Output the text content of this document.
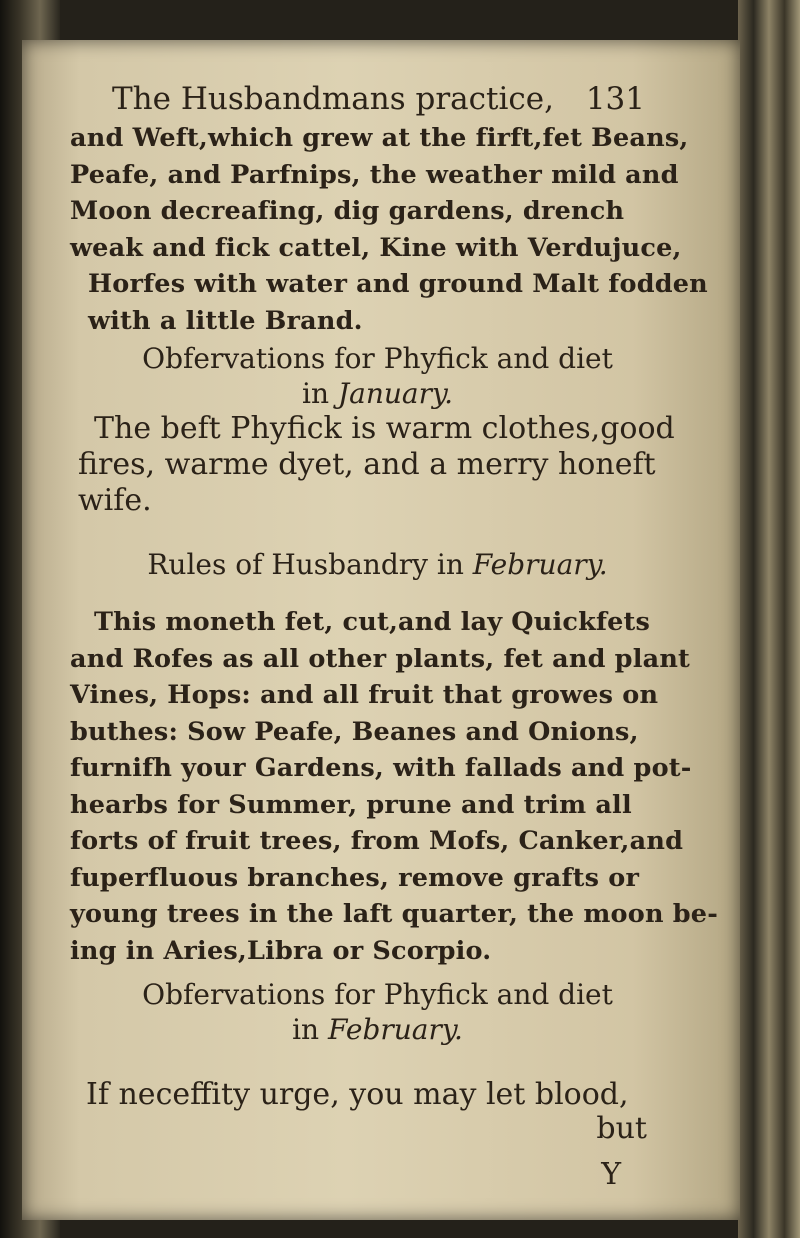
The Husbandmans practice, 131
and Weft,which grew at the firft,fet Beans,
Peafe, and Parfnips, the weather mild and
Moon decreafing, dig gardens, drench
weak and fick cattel, Kine with Verdujuce,
Horfes with water and ground Malt fodden
with a little Brand.
Obfervations for Phyfick and diet
in January.
The beft Phyfick is warm clothes,good
fires, warme dyet, and a merry honeft
wife.
Rules of Husbandry in February.
This moneth fet, cut,and lay Quickfets
and Rofes as all other plants, fet and plant
Vines, Hops: and all fruit that growes on
buthes: Sow Peafe, Beanes and Onions,
furnifh your Gardens, with fallads and pot-
hearbs for Summer, prune and trim all
forts of fruit trees, from Mofs, Canker,and
fuperfluous branches, remove grafts or
young trees in the laft quarter, the moon be-
ing in Aries,Libra or Scorpio.
Obfervations for Phyfick and diet
in February.
If neceffity urge, you may let blood,
but
Y
